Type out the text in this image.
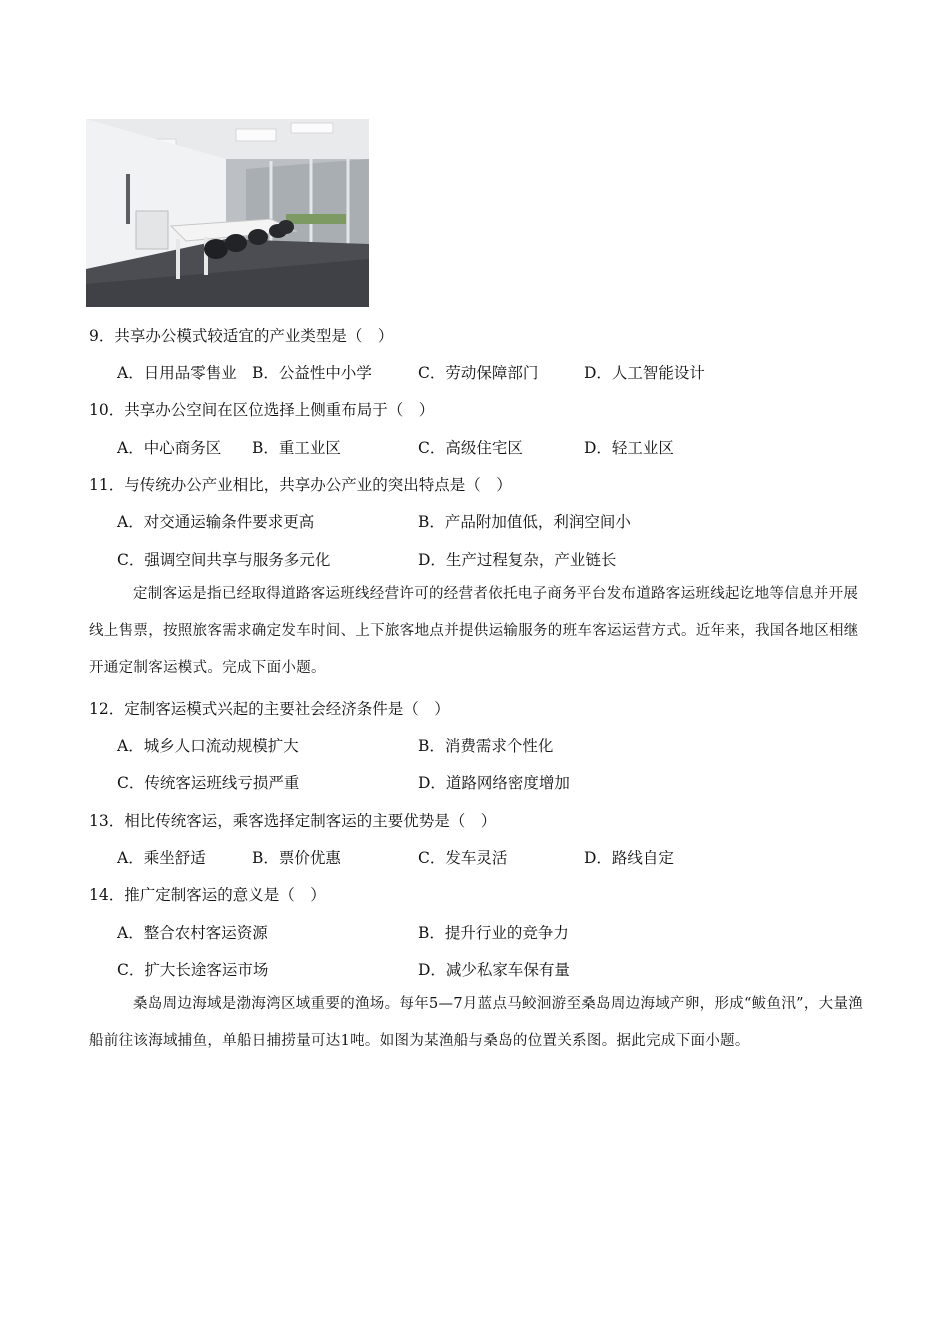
9．共享办公模式较适宜的产业类型是（　）
A．日用品零售业 B．公益性中小学	C．劳动保障部门	D．人工智能设计
10．共享办公空间在区位选择上侧重布局于（　）
A．中心商务区 B．重工业区	C．高级住宅区	D．轻工业区
11．与传统办公产业相比，共享办公产业的突出特点是（　）
A．对交通运输条件要求更高	B．产品附加值低，利润空间小
C．强调空间共享与服务多元化	D．生产过程复杂，产业链长
定制客运是指已经取得道路客运班线经营许可的经营者依托电子商务平台发布道路客运班线起讫地等信息并开展线上售票，按照旅客需求确定发车时间、上下旅客地点并提供运输服务的班车客运运营方式。近年来，我国各地区相继开通定制客运模式。完成下面小题。
12．定制客运模式兴起的主要社会经济条件是（　）
A．城乡人口流动规模扩大	B．消费需求个性化
C．传统客运班线亏损严重	D．道路网络密度增加
13．相比传统客运，乘客选择定制客运的主要优势是（　）
A．乘坐舒适	B．票价优惠	C．发车灵活	D．路线自定
14．推广定制客运的意义是（　）
A．整合农村客运资源	B．提升行业的竞争力
C．扩大长途客运市场	D．减少私家车保有量
桑岛周边海域是渤海湾区域重要的渔场。每年5—7月蓝点马鲛洄游至桑岛周边海域产卵，形成“鲅鱼汛”，大量渔船前往该海域捕鱼，单船日捕捞量可达1吨。如图为某渔船与桑岛的位置关系图。据此完成下面小题。
